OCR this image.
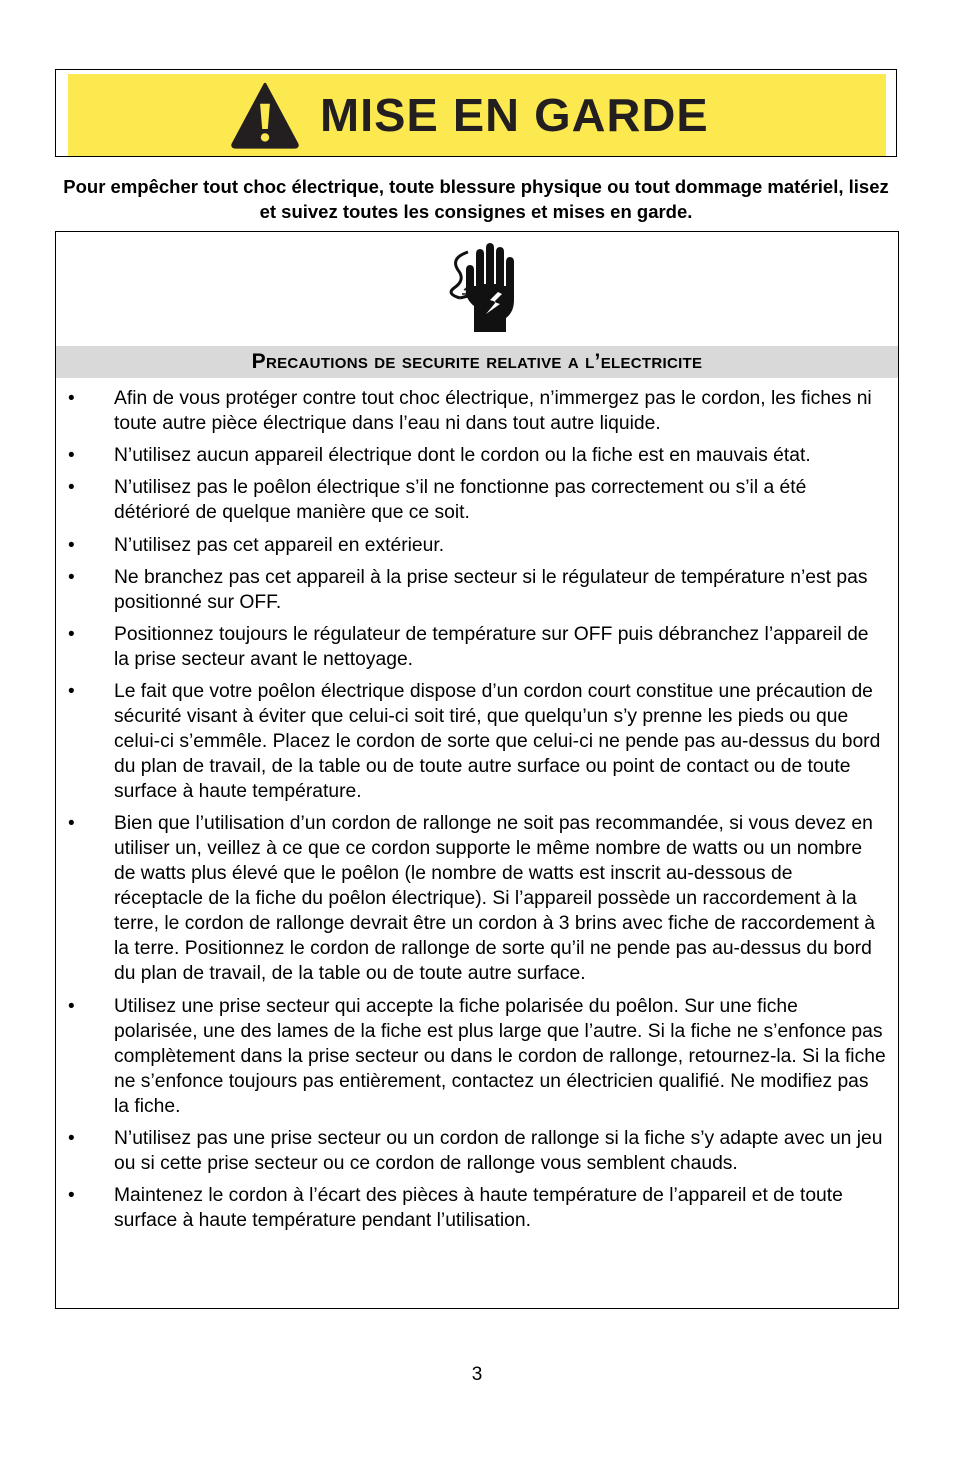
MISE EN GARDE
Pour empêcher tout choc électrique, toute blessure physique ou tout dommage matériel, lisez et suivez toutes les consignes et mises en garde.
Precautions de securite relative a l’electricite
• Afin de vous protéger contre tout choc électrique, n’immergez pas le cordon, les fiches ni toute autre pièce électrique dans l’eau ni dans tout autre liquide.
• N’utilisez aucun appareil électrique dont le cordon ou la fiche est en mauvais état.
• N’utilisez pas le poêlon électrique s’il ne fonctionne pas correctement ou s’il a été détérioré de quelque manière que ce soit.
• N’utilisez pas cet appareil en extérieur.
• Ne branchez pas cet appareil à la prise secteur si le régulateur de température n’est pas positionné sur OFF.
• Positionnez toujours le régulateur de température sur OFF puis débranchez l’appareil de la prise secteur avant le nettoyage.
• Le fait que votre poêlon électrique dispose d’un cordon court constitue une précaution de sécurité visant à éviter que celui-ci soit tiré, que quelqu’un s’y prenne les pieds ou que celui-ci s’emmêle. Placez le cordon de sorte que celui-ci ne pende pas au-dessus du bord du plan de travail, de la table ou de toute autre surface ou point de contact ou de toute surface à haute température.
• Bien que l’utilisation d’un cordon de rallonge ne soit pas recommandée, si vous devez en utiliser un, veillez à ce que ce cordon supporte le même nombre de watts ou un nombre de watts plus élevé que le poêlon (le nombre de watts est inscrit au-dessous de réceptacle de la fiche du poêlon électrique). Si l’appareil possède un raccordement à la terre, le cordon de rallonge devrait être un cordon à 3 brins avec fiche de raccordement à la terre. Positionnez le cordon de rallonge de sorte qu’il ne pende pas au-dessus du bord du plan de travail, de la table ou de toute autre surface.
• Utilisez une prise secteur qui accepte la fiche polarisée du poêlon. Sur une fiche polarisée, une des lames de la fiche est plus large que l’autre. Si la fiche ne s’enfonce pas complètement dans la prise secteur ou dans le cordon de rallonge, retournez-la. Si la fiche ne s’enfonce toujours pas entièrement, contactez un électricien qualifié. Ne modifiez pas la fiche.
• N’utilisez pas une prise secteur ou un cordon de rallonge si la fiche s’y adapte avec un jeu ou si cette prise secteur ou ce cordon de rallonge vous semblent chauds.
• Maintenez le cordon à l’écart des pièces à haute température de l’appareil et de toute surface à haute température pendant l’utilisation.
3
